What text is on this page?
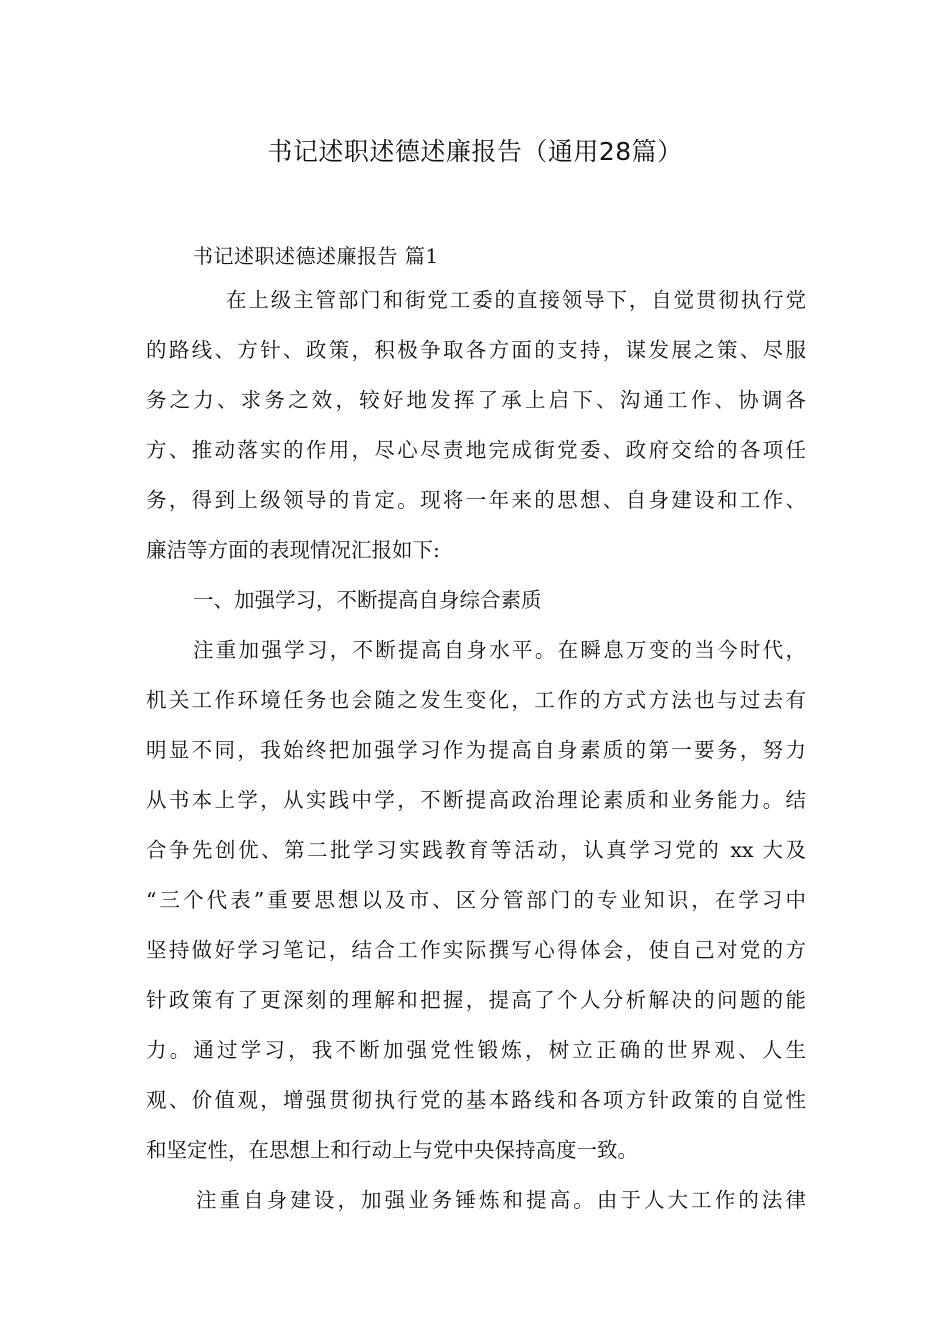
书记述职述德述廉报告（通用28篇）
书记述职述德述廉报告 篇1
在上级主管部门和街党工委的直接领导下，自觉贯彻执行党
的路线、方针、政策，积极争取各方面的支持，谋发展之策、尽服
务之力、求务之效，较好地发挥了承上启下、沟通工作、协调各
方、推动落实的作用，尽心尽责地完成街党委、政府交给的各项任
务，得到上级领导的肯定。现将一年来的思想、自身建设和工作、
廉洁等方面的表现情况汇报如下:
一、加强学习，不断提高自身综合素质
注重加强学习，不断提高自身水平。在瞬息万变的当今时代，
机关工作环境任务也会随之发生变化，工作的方式方法也与过去有
明显不同，我始终把加强学习作为提高自身素质的第一要务，努力
从书本上学，从实践中学，不断提高政治理论素质和业务能力。结
合争先创优、第二批学习实践教育等活动，认真学习党的 xx 大及
“三个代表”重要思想以及市、区分管部门的专业知识，在学习中
坚持做好学习笔记，结合工作实际撰写心得体会，使自己对党的方
针政策有了更深刻的理解和把握，提高了个人分析解决的问题的能
力。通过学习，我不断加强党性锻炼，树立正确的世界观、人生
观、价值观，增强贯彻执行党的基本路线和各项方针政策的自觉性
和坚定性，在思想上和行动上与党中央保持高度一致。
注重自身建设，加强业务锤炼和提高。由于人大工作的法律
